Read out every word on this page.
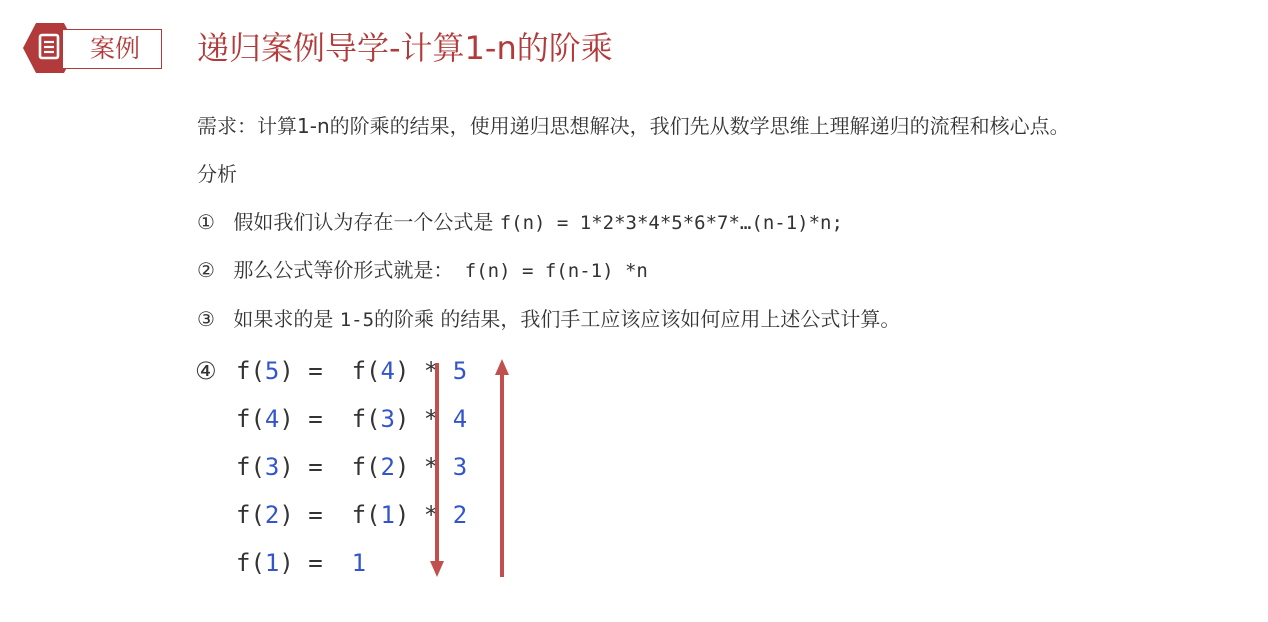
案例 递归案例导学-计算1-n的阶乘
需求：计算1-n的阶乘的结果，使用递归思想解决，我们先从数学思维上理解递归的流程和核心点。
分析
① 假如我们认为存在一个公式是 f(n) = 1*2*3*4*5*6*7*…(n-1)*n;
② 那么公式等价形式就是： f(n) = f(n-1) *n
③ 如果求的是 1-5的阶乘 的结果，我们手工应该应该如何应用上述公式计算。
④ f(5) =  f(4) * 5
f(4) =  f(3) * 4
f(3) =  f(2) * 3
f(2) =  f(1) * 2
f(1) =  1
